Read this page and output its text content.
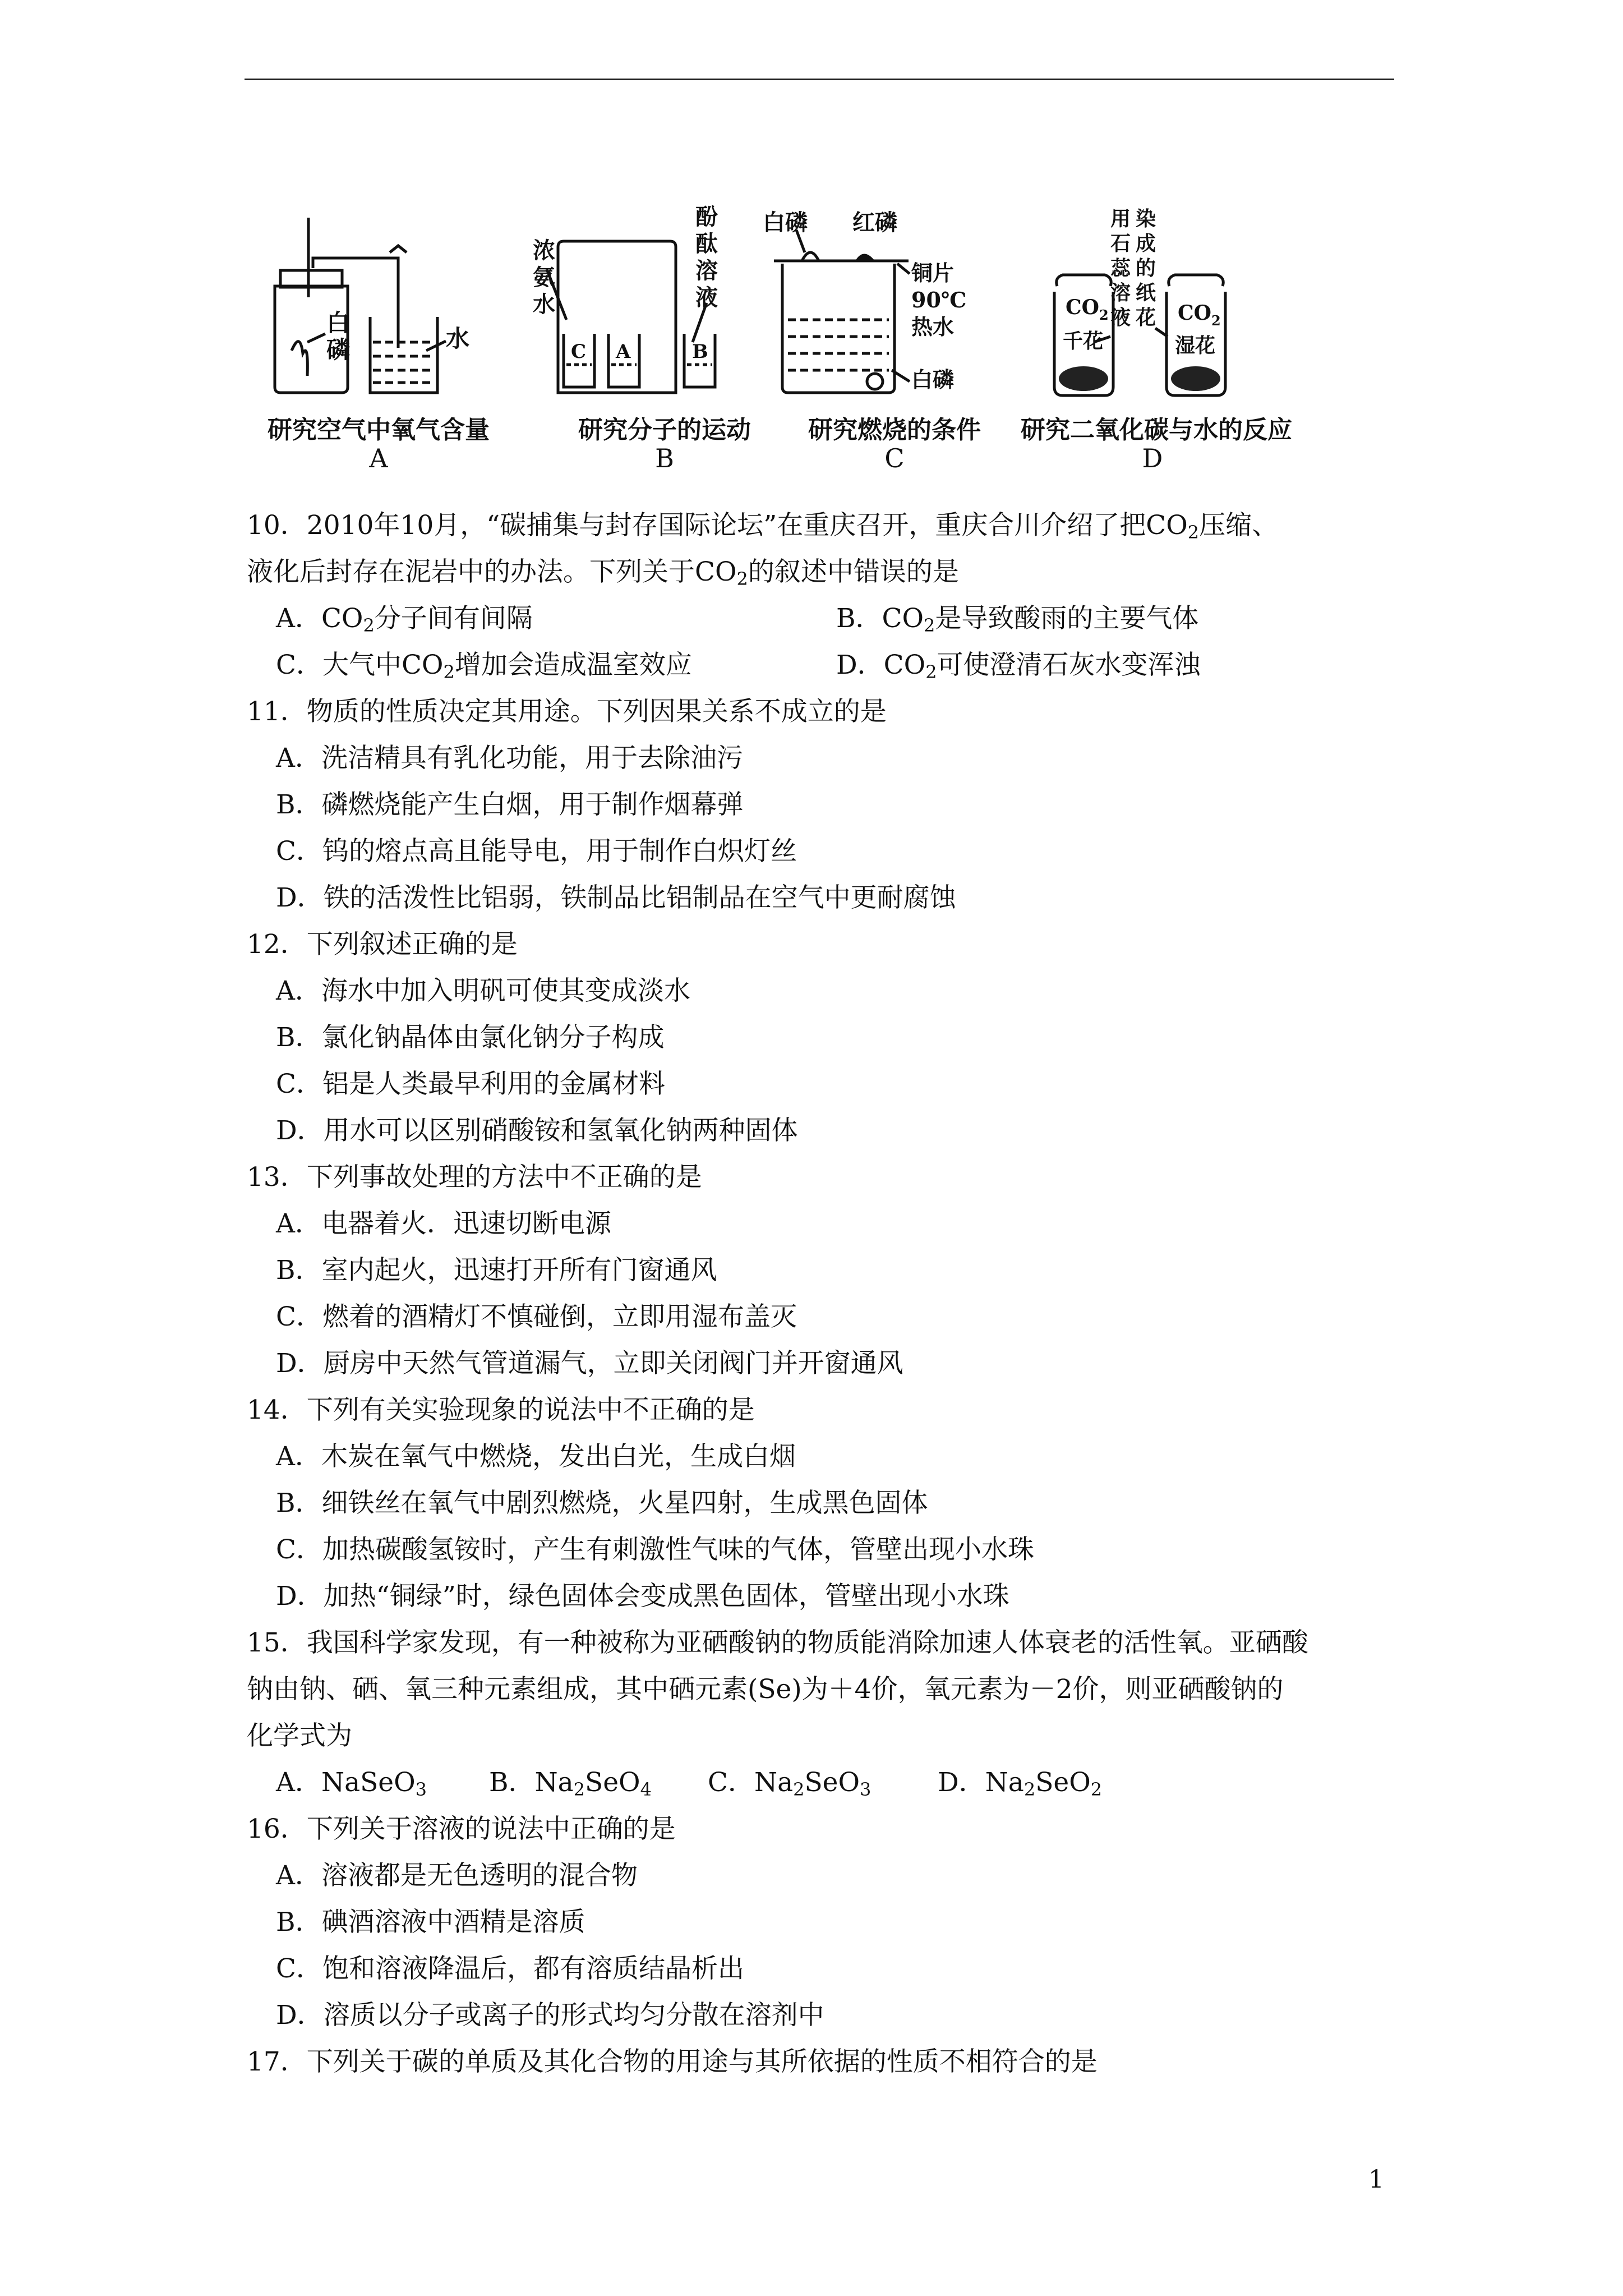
白
磷	水
研究空气中氧气含量
A
浓
氨
水
酚
酞
溶
液
C A	B
研究分子的运动
B
白磷 红磷
铜片
90℃
热水
白磷
研究燃烧的条件
C
用
石
蕊
溶
液
染
成
的
纸
花
$CO_2$
千花
$CO_2$
湿花
研究二氧化碳与水的反应
D
10．2010年10月，“碳捕集与封存国际论坛”在重庆召开，重庆合川介绍了把$CO_2$压缩、
液化后封存在泥岩中的办法。下列关于$CO_2$的叙述中错误的是
A．$CO_2$分子间有间隔	B．$CO_2$是导致酸雨的主要气体
C．大气中$CO_2$增加会造成温室效应	D．$CO_2$可使澄清石灰水变浑浊
11．物质的性质决定其用途。下列因果关系不成立的是
A．洗洁精具有乳化功能，用于去除油污
B．磷燃烧能产生白烟，用于制作烟幕弹
C．钨的熔点高且能导电，用于制作白炽灯丝
D．铁的活泼性比铝弱，铁制品比铝制品在空气中更耐腐蚀
12．下列叙述正确的是
A．海水中加入明矾可使其变成淡水
B．氯化钠晶体由氯化钠分子构成
C．铝是人类最早利用的金属材料
D．用水可以区别硝酸铵和氢氧化钠两种固体
13．下列事故处理的方法中不正确的是
A．电器着火．迅速切断电源
B．室内起火，迅速打开所有门窗通风
C．燃着的酒精灯不慎碰倒，立即用湿布盖灭
D．厨房中天然气管道漏气，立即关闭阀门并开窗通风
14．下列有关实验现象的说法中不正确的是
A．木炭在氧气中燃烧，发出白光，生成白烟
B．细铁丝在氧气中剧烈燃烧，火星四射，生成黑色固体
C．加热碳酸氢铵时，产生有刺激性气味的气体，管壁出现小水珠
D．加热“铜绿”时，绿色固体会变成黑色固体，管壁出现小水珠
15．我国科学家发现，有一种被称为亚硒酸钠的物质能消除加速人体衰老的活性氧。亚硒酸
钠由钠、硒、氧三种元素组成，其中硒元素(Se)为＋4价，氧元素为－2价，则亚硒酸钠的
化学式为
A．NaSeO$_3$	B．$Na_2SeO_4$	C．$Na_2SeO_3$	D．$Na_2SeO_2$
16．下列关于溶液的说法中正确的是
A．溶液都是无色透明的混合物
B．碘酒溶液中酒精是溶质
C．饱和溶液降温后，都有溶质结晶析出
D．溶质以分子或离子的形式均匀分散在溶剂中
17．下列关于碳的单质及其化合物的用途与其所依据的性质不相符合的是
1
